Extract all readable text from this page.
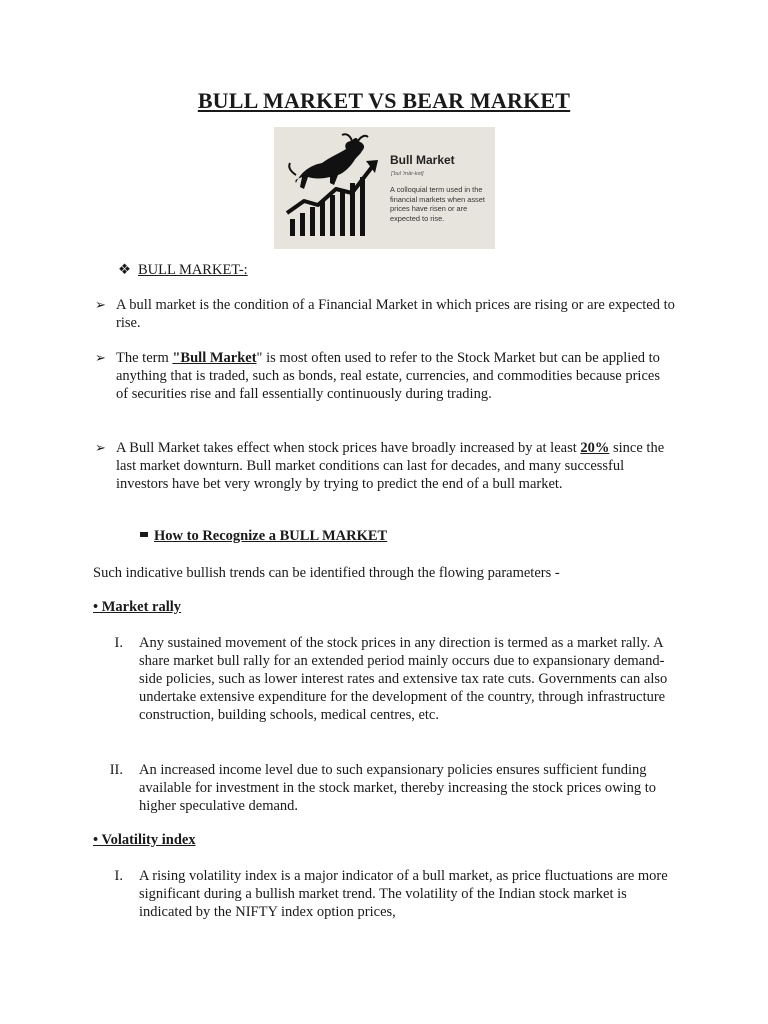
BULL MARKET VS BEAR MARKET
Bull Market
['bul 'mär-kət]
A colloquial term used in the financial markets when asset prices have risen or are expected to rise.
❖ BULL MARKET-:
➢ A bull market is the condition of a Financial Market in which prices are rising or are expected to rise.
➢ The term "Bull Market" is most often used to refer to the Stock Market but can be applied to anything that is traded, such as bonds, real estate, currencies, and commodities because prices of securities rise and fall essentially continuously during trading.
➢ A Bull Market takes effect when stock prices have broadly increased by at least 20% since the last market downturn. Bull market conditions can last for decades, and many successful investors have bet very wrongly by trying to predict the end of a bull market.
How to Recognize a BULL MARKET

Such indicative bullish trends can be identified through the flowing parameters -

• Market rally
I. Any sustained movement of the stock prices in any direction is termed as a market rally. A share market bull rally for an extended period mainly occurs due to expansionary demand-side policies, such as lower interest rates and extensive tax rate cuts. Governments can also undertake extensive expenditure for the development of the country, through infrastructure construction, building schools, medical centres, etc.
II. An increased income level due to such expansionary policies ensures sufficient funding available for investment in the stock market, thereby increasing the stock prices owing to higher speculative demand.
• Volatility index
I. A rising volatility index is a major indicator of a bull market, as price fluctuations are more significant during a bullish market trend. The volatility of the Indian stock market is indicated by the NIFTY index option prices,
